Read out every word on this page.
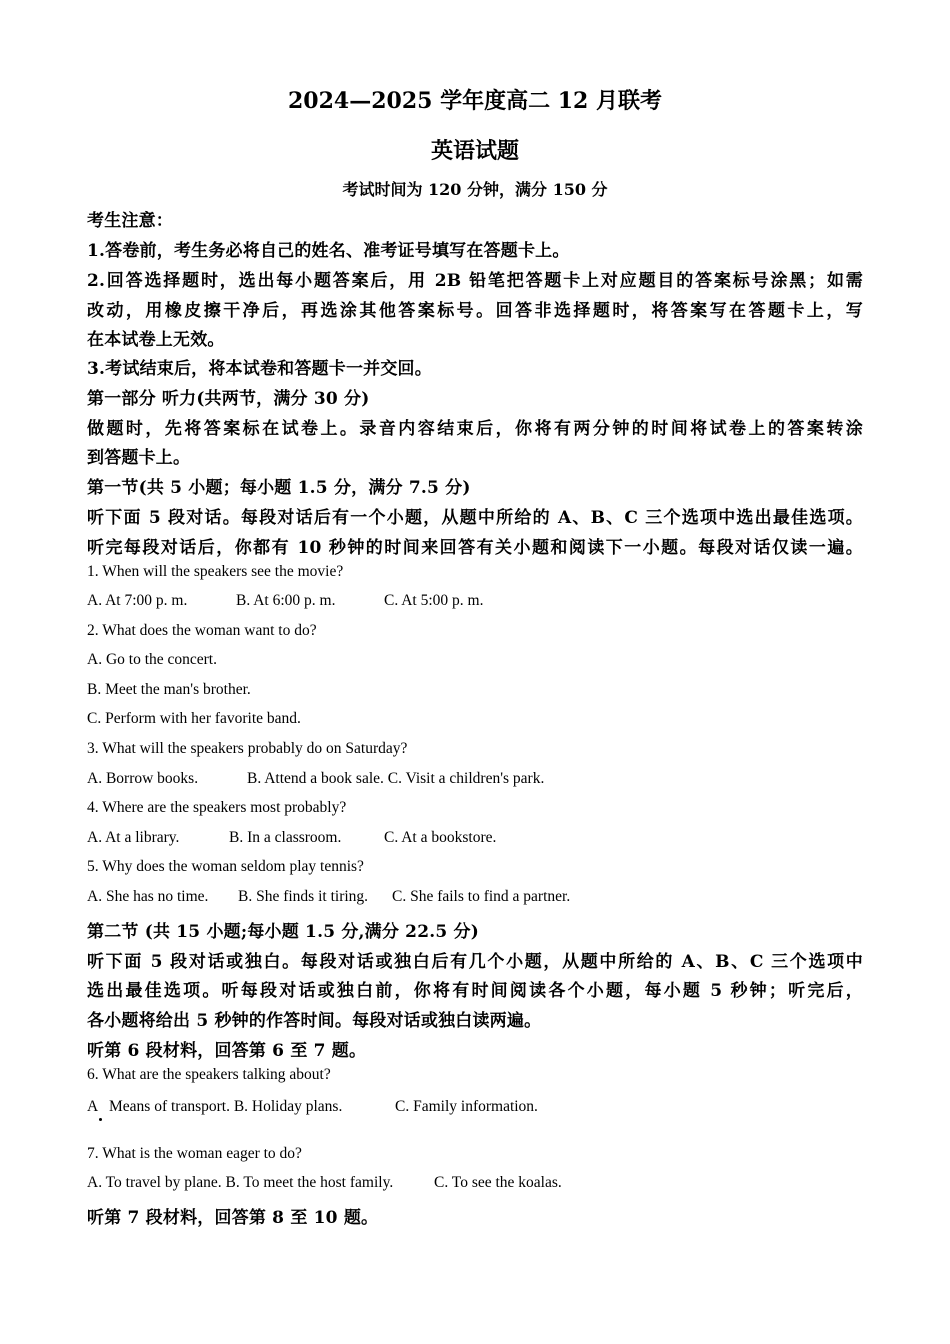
2024—2025 学年度高二 12 月联考
英语试题
考试时间为 120 分钟，满分 150 分
考生注意：
1.答卷前，考生务必将自己的姓名、准考证号填写在答题卡上。
2.回答选择题时，选出每小题答案后，用 2B 铅笔把答题卡上对应题目的答案标号涂黑；如需
改动，用橡皮擦干净后，再选涂其他答案标号。回答非选择题时，将答案写在答题卡上，写
在本试卷上无效。
3.考试结束后，将本试卷和答题卡一并交回。
第一部分 听力(共两节，满分 30 分)
做题时，先将答案标在试卷上。录音内容结束后，你将有两分钟的时间将试卷上的答案转涂
到答题卡上。
第一节(共 5 小题；每小题 1.5 分，满分 7.5 分)
听下面 5 段对话。每段对话后有一个小题，从题中所给的 A、B、C 三个选项中选出最佳选项。
听完每段对话后，你都有 10 秒钟的时间来回答有关小题和阅读下一小题。每段对话仅读一遍。
1. When will the speakers see the movie?
A. At 7:00 p. m.	B. At 6:00 p. m.	C. At 5:00 p. m.
2. What does the woman want to do?
A. Go to the concert.
B. Meet the man's brother.
C. Perform with her favorite band.
3. What will the speakers probably do on Saturday?
A. Borrow books.	B. Attend a book sale. C. Visit a children's park.
4. Where are the speakers most probably?
A. At a library.	B. In a classroom.	C. At a bookstore.
5. Why does the woman seldom play tennis?
A. She has no time. B. She finds it tiring. C. She fails to find a partner.
第二节 (共 15 小题;每小题 1.5 分,满分 22.5 分)
听下面 5 段对话或独白。每段对话或独白后有几个小题，从题中所给的 A、B、C 三个选项中
选出最佳选项。听每段对话或独白前，你将有时间阅读各个小题，每小题 5 秒钟；听完后，
各小题将给出 5 秒钟的作答时间。每段对话或独白读两遍。
听第 6 段材料，回答第 6 至 7 题。
6. What are the speakers talking about?
A Means of transport. B. Holiday plans.	C. Family information.
7. What is the woman eager to do?
A. To travel by plane. B. To meet the host family.	C. To see the koalas.
听第 7 段材料，回答第 8 至 10 题。
